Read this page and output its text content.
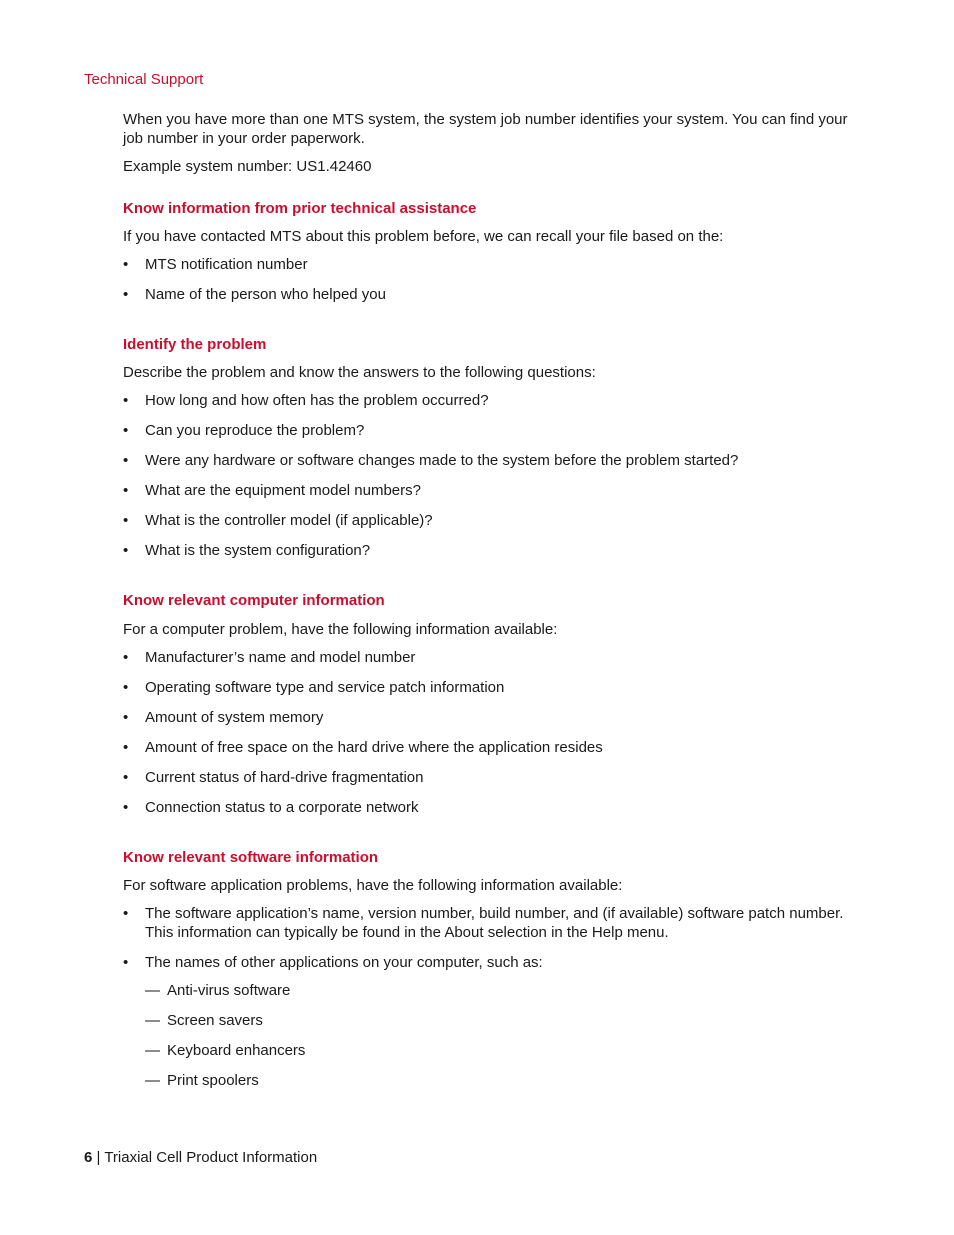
Technical Support

When you have more than one MTS system, the system job number identifies your system. You can find your job number in your order paperwork.

Example system number: US1.42460

Know information from prior technical assistance

If you have contacted MTS about this problem before, we can recall your file based on the:

• MTS notification number
• Name of the person who helped you
Identify the problem

Describe the problem and know the answers to the following questions:

• How long and how often has the problem occurred?
• Can you reproduce the problem?
• Were any hardware or software changes made to the system before the problem started?
• What are the equipment model numbers?
• What is the controller model (if applicable)?
• What is the system configuration?
Know relevant computer information

For a computer problem, have the following information available:

• Manufacturer’s name and model number
• Operating software type and service patch information
• Amount of system memory
• Amount of free space on the hard drive where the application resides
• Current status of hard-drive fragmentation
• Connection status to a corporate network
Know relevant software information

For software application problems, have the following information available:

• The software application’s name, version number, build number, and (if available) software patch number. This information can typically be found in the About selection in the Help menu.
• The names of other applications on your computer, such as:
— Anti-virus software
— Screen savers
— Keyboard enhancers
— Print spoolers
6 | Triaxial Cell Product Information
